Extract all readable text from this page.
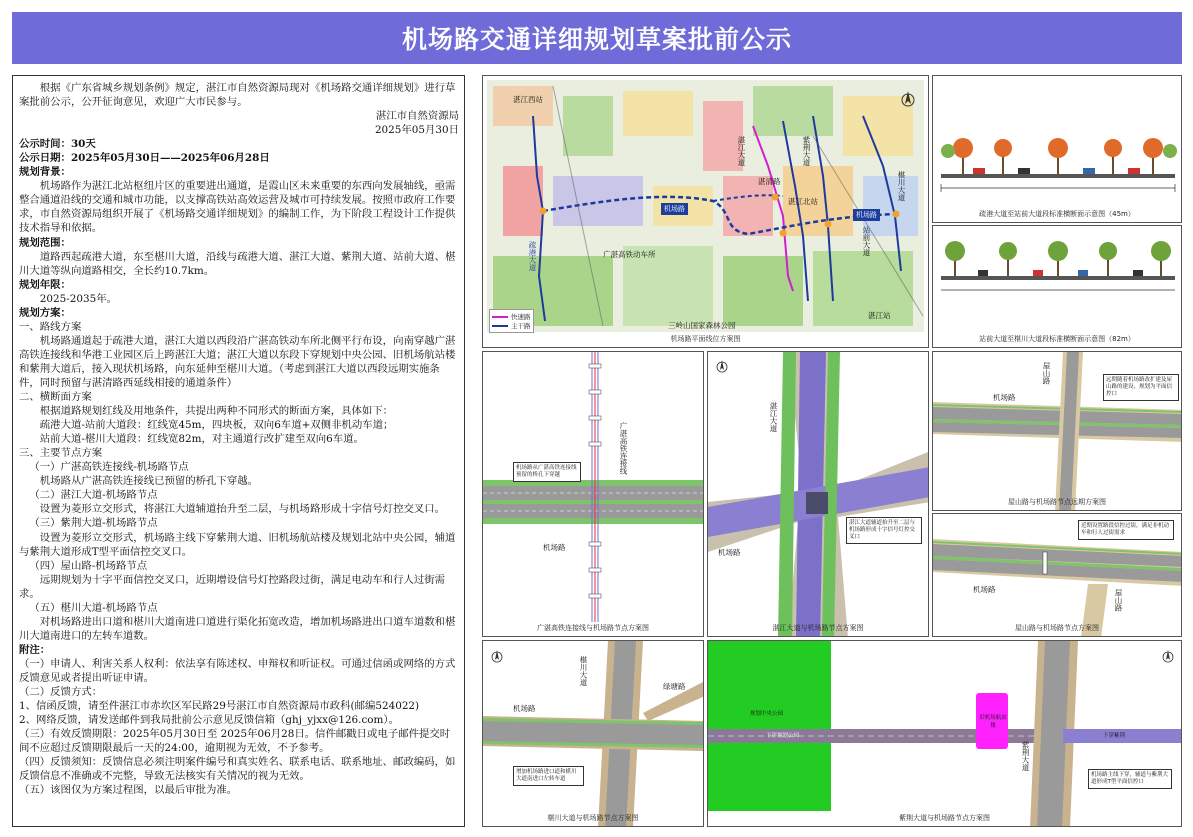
机场路交通详细规划草案批前公示

根据《广东省城乡规划条例》规定，湛江市自然资源局现对《机场路交通详细规划》进行草案批前公示，公开征询意见，欢迎广大市民参与。

湛江市自然资源局

2025年05月30日

公示时间：30天

公示日期：2025年05月30日——2025年06月28日

规划背景：

机场路作为湛江北站枢纽片区的重要进出通道，是霞山区未来重要的东西向发展轴线，亟需整合通道沿线的交通和城市功能，以支撑高铁站高效运营及城市可持续发展。按照市政府工作要求，市自然资源局组织开展了《机场路交通详细规划》的编制工作，为下阶段工程设计工作提供技术指导和依据。

规划范围：

道路西起疏港大道，东至椹川大道，沿线与疏港大道、湛江大道、紫荆大道、站前大道、椹川大道等纵向道路相交，全长约10.7km。

规划年限：

2025-2035年。

规划方案：

一、路线方案

机场路通道起于疏港大道，湛江大道以西段沿广湛高铁动车所北侧平行布设，向南穿越广湛高铁连接线和华港工业园区后上跨湛江大道；湛江大道以东段下穿规划中央公园、旧机场航站楼和紫荆大道后，接入现状机场路，向东延伸至椹川大道。（考虑到湛江大道以西段远期实施条件，同时预留与湛清路西延线相接的通道条件）

二、横断面方案

根据道路规划红线及用地条件，共提出两种不同形式的断面方案，具体如下：

疏港大道-站前大道段：红线宽45m，四块板，双向6车道+双侧非机动车道；

站前大道-椹川大道段：红线宽82m，对主通道行改扩建至双向6车道。

三、主要节点方案

（一）广湛高铁连接线-机场路节点

机场路从广湛高铁连接线已预留的桥孔下穿越。

（二）湛江大道-机场路节点

设置为菱形立交形式，将湛江大道辅道抬升至二层，与机场路形成十字信号灯控交叉口。

（三）紫荆大道-机场路节点

设置为菱形立交形式，机场路主线下穿紫荆大道、旧机场航站楼及规划北站中央公园，辅道与紫荆大道形成T型平面信控交叉口。

（四）屋山路-机场路节点

远期规划为十字平面信控交叉口，近期增设信号灯控路段过街，满足电动车和行人过街需求。

（五）椹川大道-机场路节点

对机场路进出口道和椹川大道南进口道进行渠化拓宽改造，增加机场路进出口道车道数和椹川大道南进口的左转车道数。

附注：

（一）申请人、利害关系人权利：依法享有陈述权、申辩权和听证权。可通过信函或网络的方式反馈意见或者提出听证申请。

（二）反馈方式：

1、信函反馈，请至件湛江市赤坎区军民路29号湛江市自然资源局市政科(邮编524022)

2、网络反馈，请发送邮件到我局批前公示意见反馈信箱（ghj_yjxx@126.com）。

（三）有效反馈期限：2025年05月30日至 2025年06月28日。信件邮戳日或电子邮件提交时间不应超过反馈期限最后一天的24:00，逾期视为无效，不予参考。

（四）反馈须知：反馈信息必须注明案件编号和真实姓名、联系电话、联系地址、邮政编码，如反馈信息不准确或不完整，导致无法核实有关情况的视为无效。

（五）该图仅为方案过程图，以最后审批为准。

湛江西站
湛江站
疏港大道
湛江大道
湛清路
紫荆大道
站前大道
椹川大道
湛江北站
机场路
机场路
广湛高铁动车所
三岭山国家森林公园
快速路
主干路
机场路平面线位方案图
疏港大道至站前大道段标准横断面示意图（45m）
站前大道至椹川大道段标准横断面示意图（82m）
广湛高铁连接线
机场路
机场路从广湛高铁连接线预留的桥孔下穿越
广湛高铁连接线与机场路节点方案图
湛江大道
机场路
湛江大道辅道抬升至二层与机场路形成十字信号灯控交叉口
湛江大道与机场路节点方案图
屋山路
机场路
远期随着机场路改扩建及屋山路的建设，规划为平面信控口
屋山路与机场路节点远期方案图
机场路	屋山路
近期设置路段信控过街，满足非机动车和行人过街需求
屋山路与机场路节点方案图
椹川大道
机场路
绿塘路
增加机场路进口道和椹川大道南进口左转车道
椹川大道与机场路节点方案图
规划中央公园
下穿规划公园
旧机场航站楼
下穿紫荆
紫荆大道
机场路主线下穿，辅道与紫荆大道形成T型平面信控口
紫荆大道与机场路节点方案图
